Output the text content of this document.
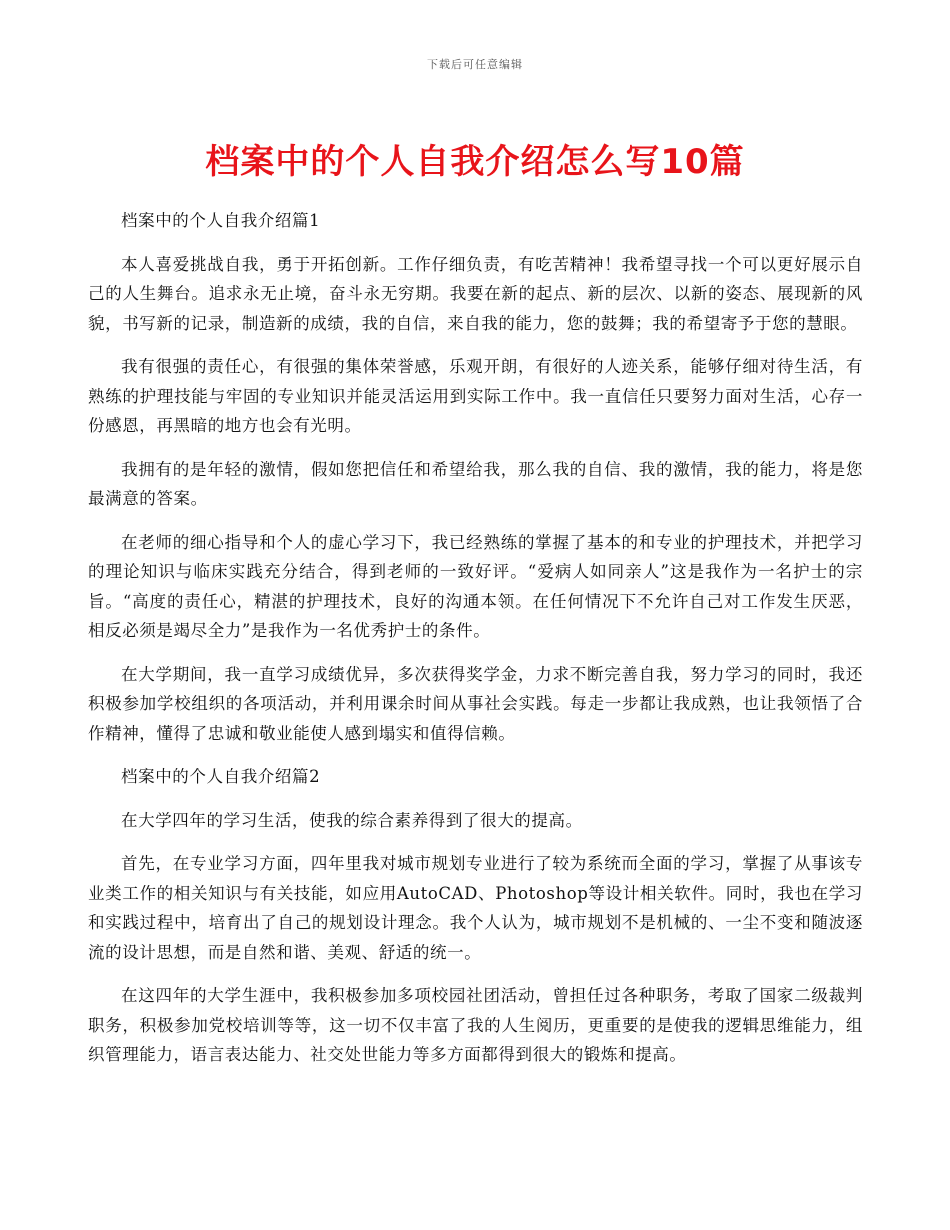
下载后可任意编辑
档案中的个人自我介绍怎么写10篇

档案中的个人自我介绍篇1

本人喜爱挑战自我，勇于开拓创新。工作仔细负责，有吃苦精神！我希望寻找一个可以更好展示自己的人生舞台。追求永无止境，奋斗永无穷期。我要在新的起点、新的层次、以新的姿态、展现新的风貌，书写新的记录，制造新的成绩，我的自信，来自我的能力，您的鼓舞；我的希望寄予于您的慧眼。

我有很强的责任心，有很强的集体荣誉感，乐观开朗，有很好的人迹关系，能够仔细对待生活，有熟练的护理技能与牢固的专业知识并能灵活运用到实际工作中。我一直信任只要努力面对生活，心存一份感恩，再黑暗的地方也会有光明。

我拥有的是年轻的激情，假如您把信任和希望给我，那么我的自信、我的激情，我的能力，将是您最满意的答案。

在老师的细心指导和个人的虚心学习下，我已经熟练的掌握了基本的和专业的护理技术，并把学习的理论知识与临床实践充分结合，得到老师的一致好评。“爱病人如同亲人”这是我作为一名护士的宗旨。“高度的责任心，精湛的护理技术，良好的沟通本领。在任何情况下不允许自己对工作发生厌恶，相反必须是竭尽全力”是我作为一名优秀护士的条件。

在大学期间，我一直学习成绩优异，多次获得奖学金，力求不断完善自我，努力学习的同时，我还积极参加学校组织的各项活动，并利用课余时间从事社会实践。每走一步都让我成熟，也让我领悟了合作精神，懂得了忠诚和敬业能使人感到塌实和值得信赖。

档案中的个人自我介绍篇2

在大学四年的学习生活，使我的综合素养得到了很大的提高。

首先，在专业学习方面，四年里我对城市规划专业进行了较为系统而全面的学习，掌握了从事该专业类工作的相关知识与有关技能，如应用AutoCAD、Photoshop等设计相关软件。同时，我也在学习和实践过程中，培育出了自己的规划设计理念。我个人认为，城市规划不是机械的、一尘不变和随波逐流的设计思想，而是自然和谐、美观、舒适的统一。

在这四年的大学生涯中，我积极参加多项校园社团活动，曾担任过各种职务，考取了国家二级裁判职务，积极参加党校培训等等，这一切不仅丰富了我的人生阅历，更重要的是使我的逻辑思维能力，组织管理能力，语言表达能力、社交处世能力等多方面都得到很大的锻炼和提高。
